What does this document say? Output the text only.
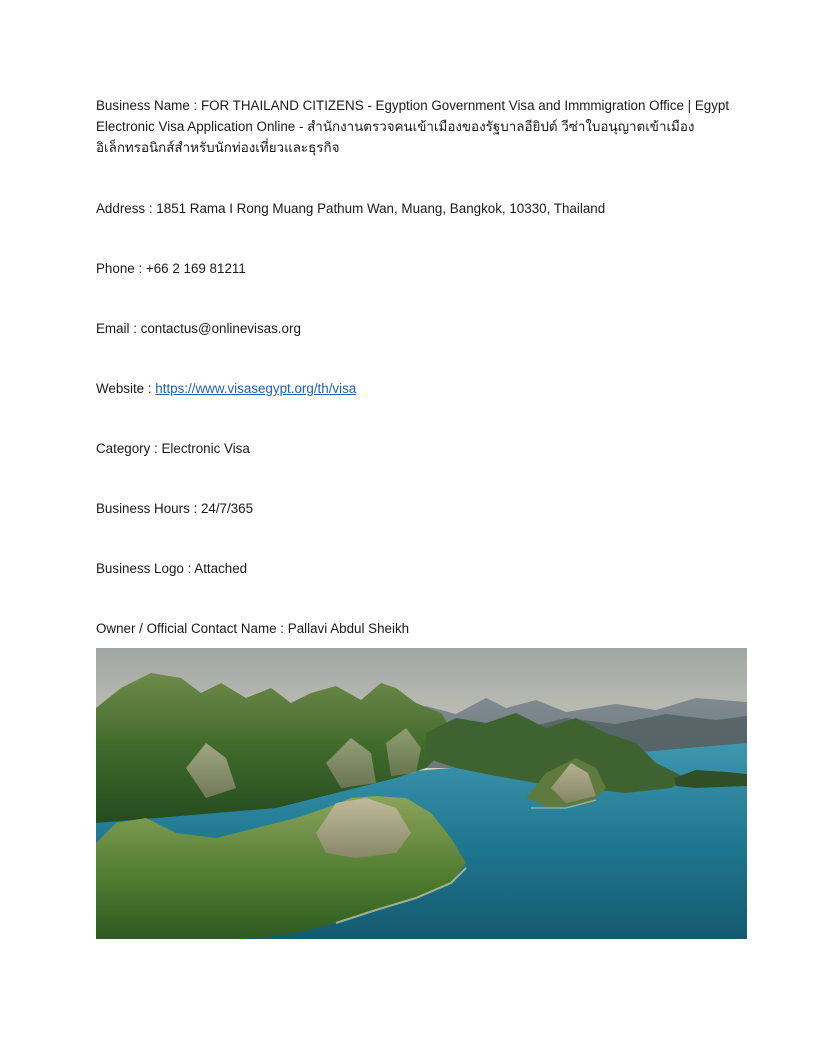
Business Name : FOR THAILAND CITIZENS - Egyption Government Visa and Immmigration Office | Egypt Electronic Visa Application Online - สำนักงานตรวจคนเข้าเมืองของรัฐบาลอียิปต์ วีซ่าใบอนุญาตเข้าเมืองอิเล็กทรอนิกส์สำหรับนักท่องเที่ยวและธุรกิจ
Address : 1851 Rama I Rong Muang Pathum Wan, Muang, Bangkok, 10330, Thailand
Phone : +66 2 169 81211
Email : contactus@onlinevisas.org
Website : https://www.visasegypt.org/th/visa
Category : Electronic Visa
Business Hours : 24/7/365
Business Logo : Attached
Owner / Official Contact Name : Pallavi Abdul Sheikh
